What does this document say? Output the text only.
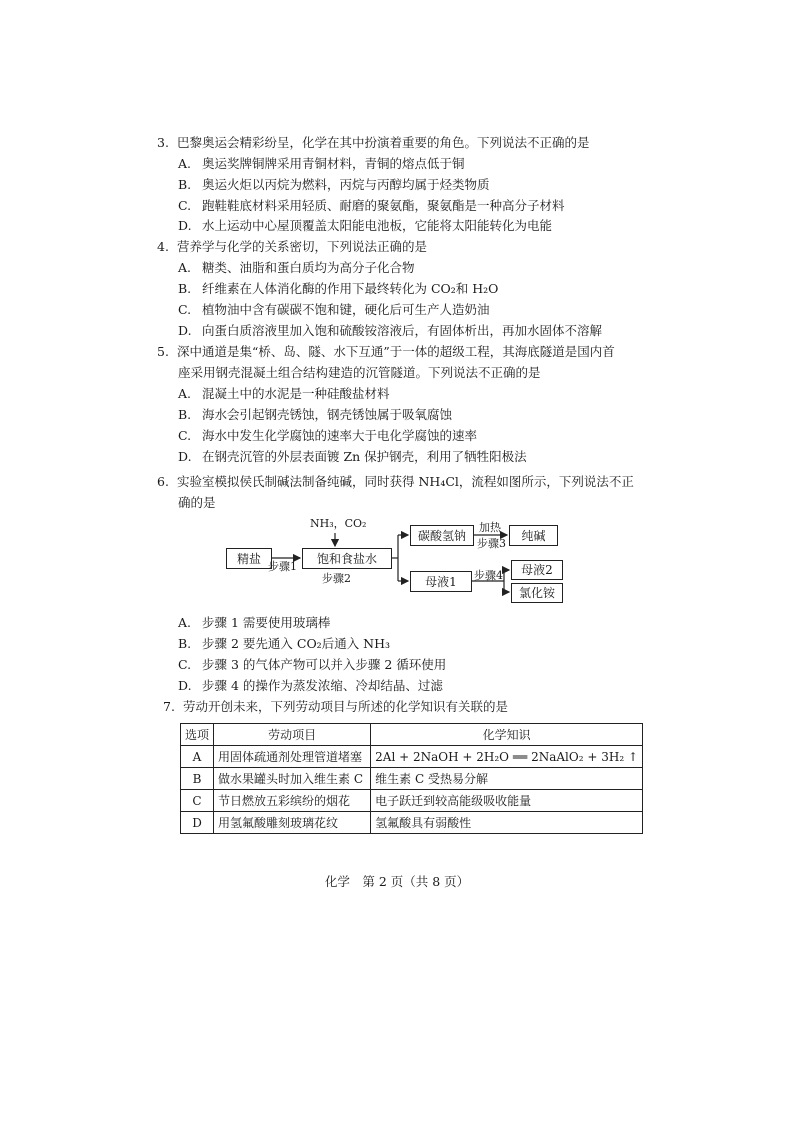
3. 巴黎奥运会精彩纷呈，化学在其中扮演着重要的角色。下列说法不正确的是
A. 奥运奖牌铜牌采用青铜材料，青铜的熔点低于铜
B. 奥运火炬以丙烷为燃料，丙烷与丙醇均属于烃类物质
C. 跑鞋鞋底材料采用轻质、耐磨的聚氨酯，聚氨酯是一种高分子材料
D. 水上运动中心屋顶覆盖太阳能电池板，它能将太阳能转化为电能
4. 营养学与化学的关系密切，下列说法正确的是
A. 糖类、油脂和蛋白质均为高分子化合物
B. 纤维素在人体消化酶的作用下最终转化为 CO₂和 H₂O
C. 植物油中含有碳碳不饱和键，硬化后可生产人造奶油
D. 向蛋白质溶液里加入饱和硫酸铵溶液后，有固体析出，再加水固体不溶解
5. 深中通道是集“桥、岛、隧、水下互通”于一体的超级工程，其海底隧道是国内首
座采用钢壳混凝土组合结构建造的沉管隧道。下列说法不正确的是
A. 混凝土中的水泥是一种硅酸盐材料
B. 海水会引起钢壳锈蚀，钢壳锈蚀属于吸氧腐蚀
C. 海水中发生化学腐蚀的速率大于电化学腐蚀的速率
D. 在钢壳沉管的外层表面镀 Zn 保护钢壳，利用了牺牲阳极法
6. 实验室模拟侯氏制碱法制备纯碱，同时获得 NH₄Cl，流程如图所示，下列说法不正
确的是
精盐	饱和食盐水
碳酸氢钠	纯碱
母液1
母液2
氯化铵
NH₃，CO₂
步骤1
步骤2
加热
步骤3
步骤4
A. 步骤 1 需要使用玻璃棒
B. 步骤 2 要先通入 CO₂后通入 NH₃
C. 步骤 3 的气体产物可以并入步骤 2 循环使用
D. 步骤 4 的操作为蒸发浓缩、冷却结晶、过滤
7. 劳动开创未来，下列劳动项目与所述的化学知识有关联的是
选项	劳动项目	化学知识
A	用固体疏通剂处理管道堵塞	2Al + 2NaOH + 2H₂O ══ 2NaAlO₂ + 3H₂ ↑
B	做水果罐头时加入维生素 C	维生素 C 受热易分解
C	节日燃放五彩缤纷的烟花	电子跃迁到较高能级吸收能量
D	用氢氟酸雕刻玻璃花纹	氢氟酸具有弱酸性
化学　第 2 页（共 8 页）
